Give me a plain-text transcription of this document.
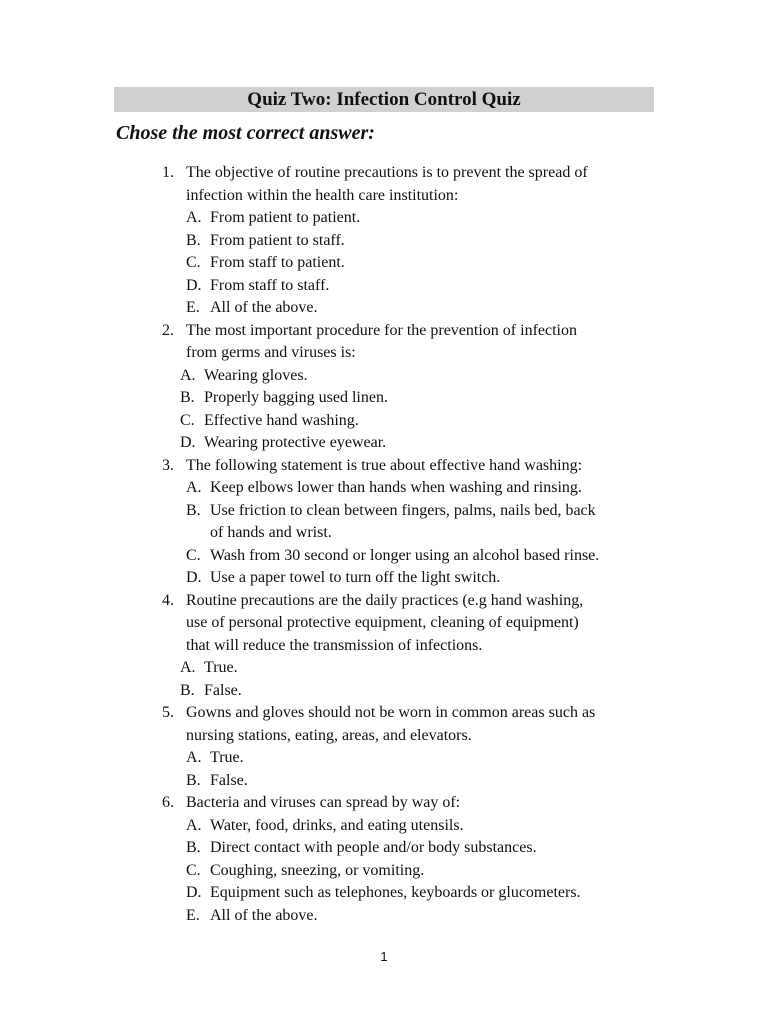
Quiz Two: Infection Control Quiz
Chose the most correct answer:
1. The objective of routine precautions is to prevent the spread of
infection within the health care institution:
A. From patient to patient.
B. From patient to staff.
C. From staff to patient.
D. From staff to staff.
E. All of the above.
2. The most important procedure for the prevention of infection
from germs and viruses is:
A. Wearing gloves.
B. Properly bagging used linen.
C. Effective hand washing.
D. Wearing protective eyewear.
3. The following statement is true about effective hand washing:
A. Keep elbows lower than hands when washing and rinsing.
B. Use friction to clean between fingers, palms, nails bed, back
of hands and wrist.
C. Wash from 30 second or longer using an alcohol based rinse.
D. Use a paper towel to turn off the light switch.
4. Routine precautions are the daily practices (e.g hand washing,
use of personal protective equipment, cleaning of equipment)
that will reduce the transmission of infections.
A. True.
B. False.
5. Gowns and gloves should not be worn in common areas such as
nursing stations, eating, areas, and elevators.
A. True.
B. False.
6. Bacteria and viruses can spread by way of:
A. Water, food, drinks, and eating utensils.
B. Direct contact with people and/or body substances.
C. Coughing, sneezing, or vomiting.
D. Equipment such as telephones, keyboards or glucometers.
E. All of the above.
1
